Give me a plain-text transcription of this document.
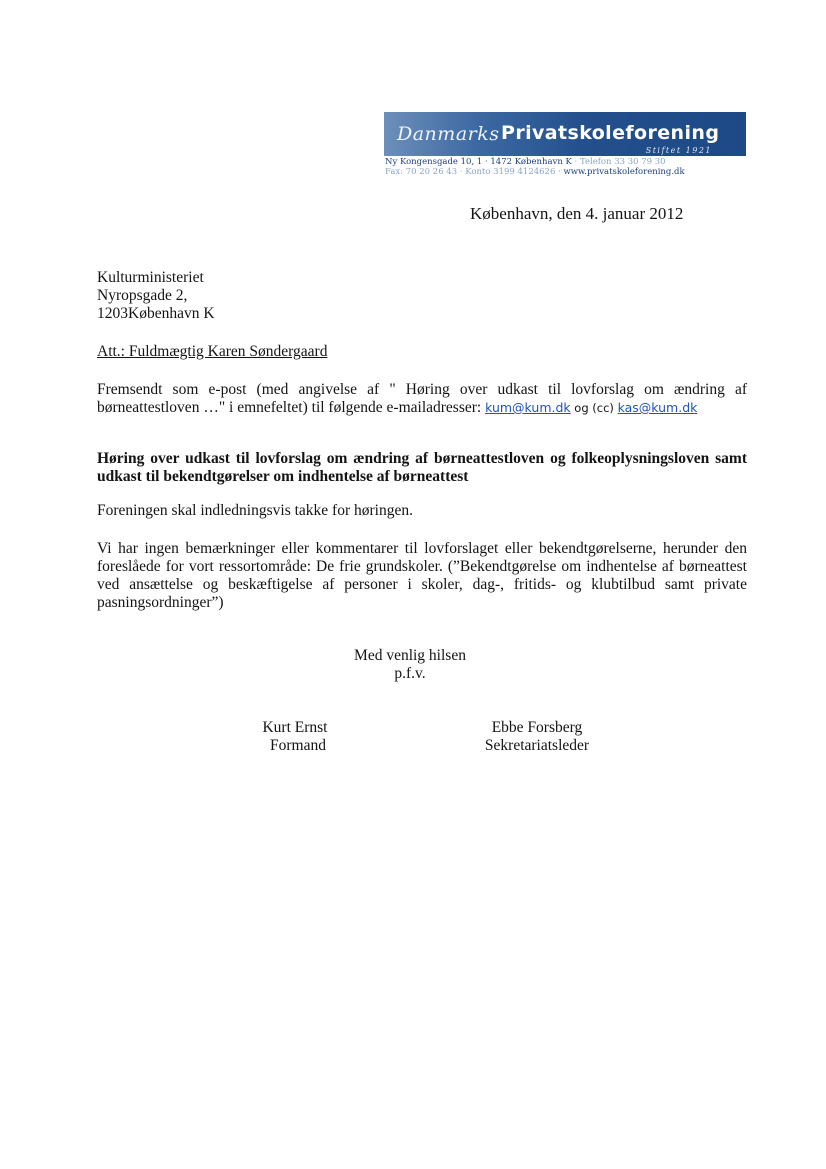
Danmarks Privatskoleforening
Stiftet 1921
Ny Kongensgade 10, 1 · 1472 København K · Telefon 33 30 79 30
Fax: 70 20 26 43 · Konto 3199 4124626 · www.privatskoleforening.dk
København, den 4. januar 2012
Kulturministeriet
Nyropsgade 2,
1203København K
Att.: Fuldmægtig Karen Søndergaard
Fremsendt som e-post (med angivelse af " Høring over udkast til lovforslag om ændring af børneattestloven …" i emnefeltet) til følgende e-mailadresser: kum@kum.dk og (cc) kas@kum.dk
Høring over udkast til lovforslag om ændring af børneattestloven og folkeoplysningsloven samt udkast til bekendtgørelser om indhentelse af børneattest
Foreningen skal indledningsvis takke for høringen.
Vi har ingen bemærkninger eller kommentarer til lovforslaget eller bekendtgørelserne, herunder den foreslåede for vort ressortområde: De frie grundskoler. (”Bekendtgørelse om indhentelse af børneattest ved ansættelse og beskæftigelse af personer i skoler, dag-, fritids- og klubtilbud samt private pasningsordninger”)
Med venlig hilsen
p.f.v.
Kurt Ernst
Formand
Ebbe Forsberg
Sekretariatsleder
